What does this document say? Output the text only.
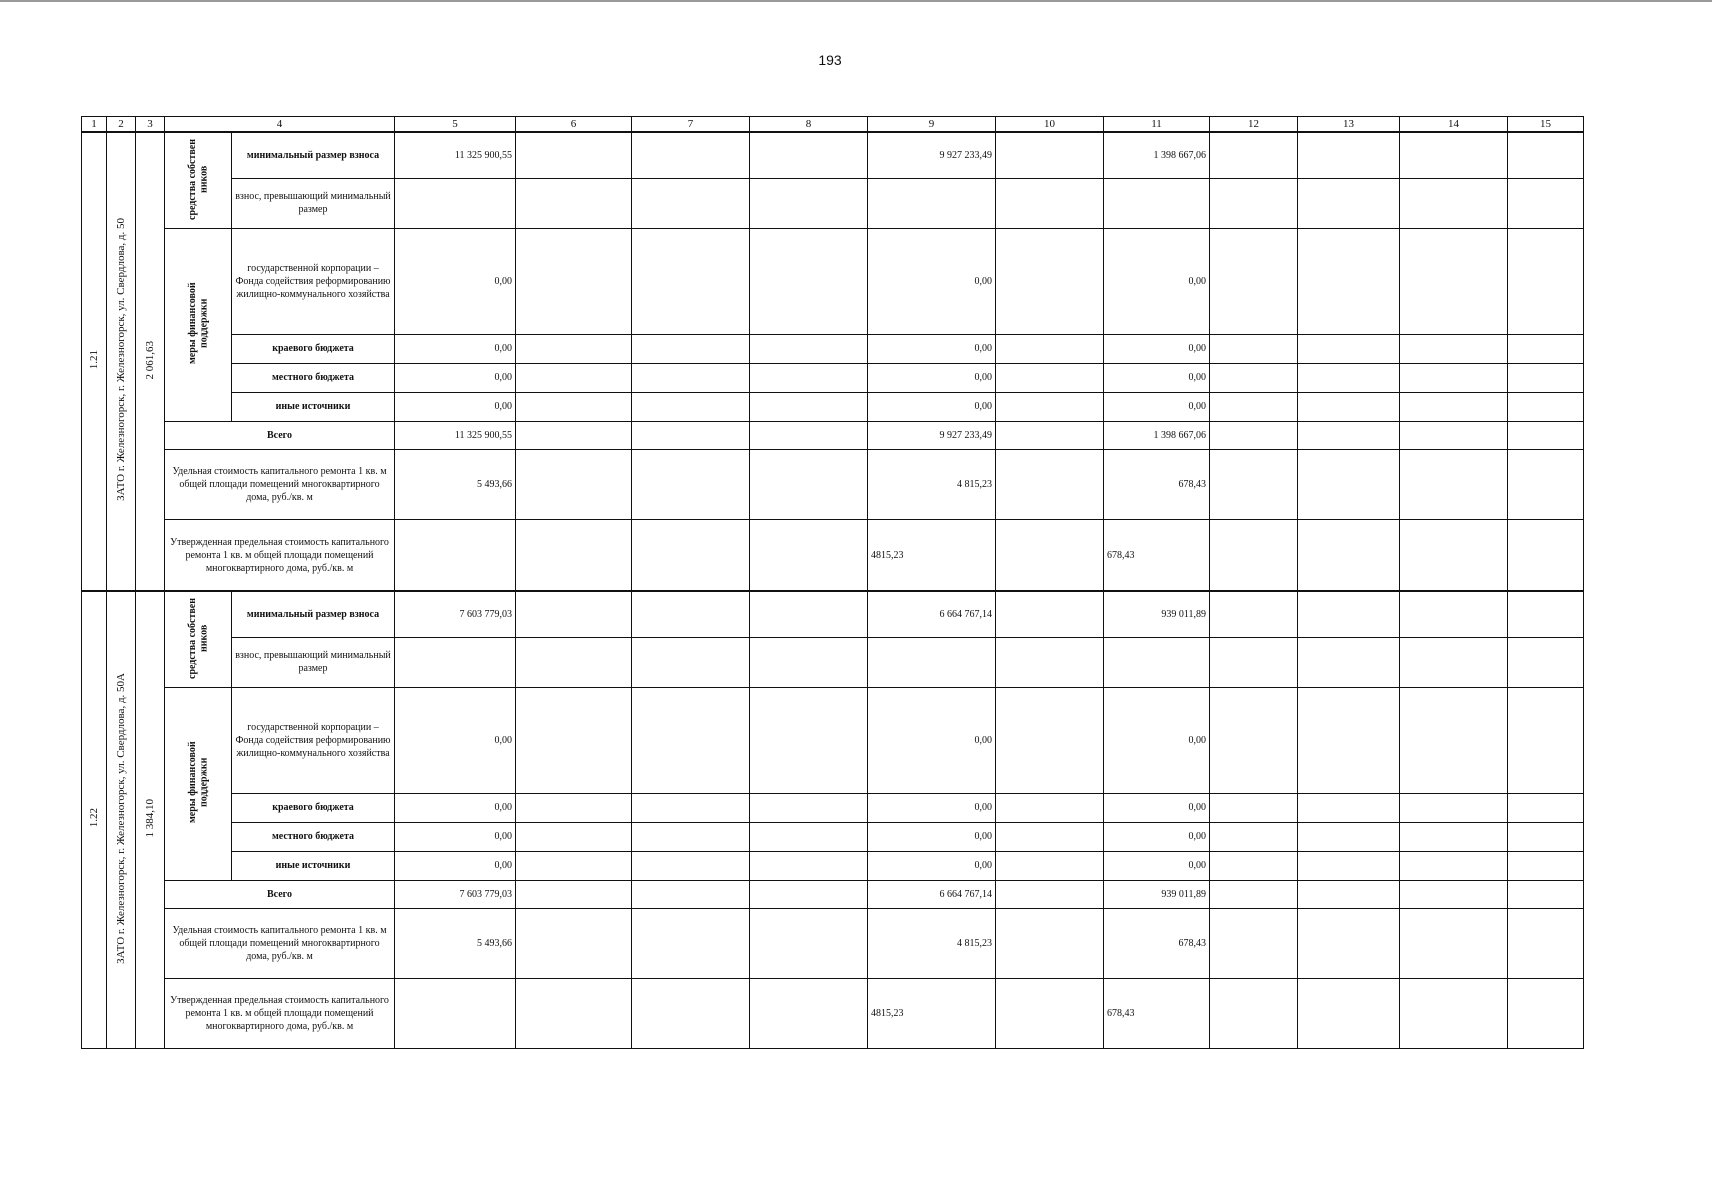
193
1	2	3	4		5	6	7	8	9	10	11	12	13	14	15
1.21	ЗАТО г. Железногорск, г. Железногорск, ул. Свердлова, д. 50	2 061,63	средства собствен ников	минимальный размер взноса	11 325 900,55				9 927 233,49		1 398 667,06				
				взнос, превышающий минимальный размер											
			меры финансовой поддержки	государственной корпорации – Фонда содействия реформированию жилищно-коммунального хозяйства	0,00				0,00		0,00				
				краевого бюджета	0,00				0,00		0,00				
				местного бюджета	0,00				0,00		0,00				
				иные источники	0,00				0,00		0,00				
			Всего		11 325 900,55				9 927 233,49		1 398 667,06				
			Удельная стоимость капитального ремонта 1 кв. м общей площади помещений многоквартирного дома, руб./кв. м		5 493,66				4 815,23		678,43				
			Утвержденная предельная стоимость капитального ремонта 1 кв. м общей площади помещений многоквартирного дома, руб./кв. м						4815,23		678,43				

1.22	ЗАТО г. Железногорск, г. Железногорск, ул. Свердлова, д. 50А	1 384,10	средства собствен ников	минимальный размер взноса	7 603 779,03				6 664 767,14		939 011,89				
				взнос, превышающий минимальный размер											
			меры финансовой поддержки	государственной корпорации – Фонда содействия реформированию жилищно-коммунального хозяйства	0,00				0,00		0,00				
				краевого бюджета	0,00				0,00		0,00				
				местного бюджета	0,00				0,00		0,00				
				иные источники	0,00				0,00		0,00				
			Всего		7 603 779,03				6 664 767,14		939 011,89				
			Удельная стоимость капитального ремонта 1 кв. м общей площади помещений многоквартирного дома, руб./кв. м		5 493,66				4 815,23		678,43				
			Утвержденная предельная стоимость капитального ремонта 1 кв. м общей площади помещений многоквартирного дома, руб./кв. м						4815,23		678,43				
